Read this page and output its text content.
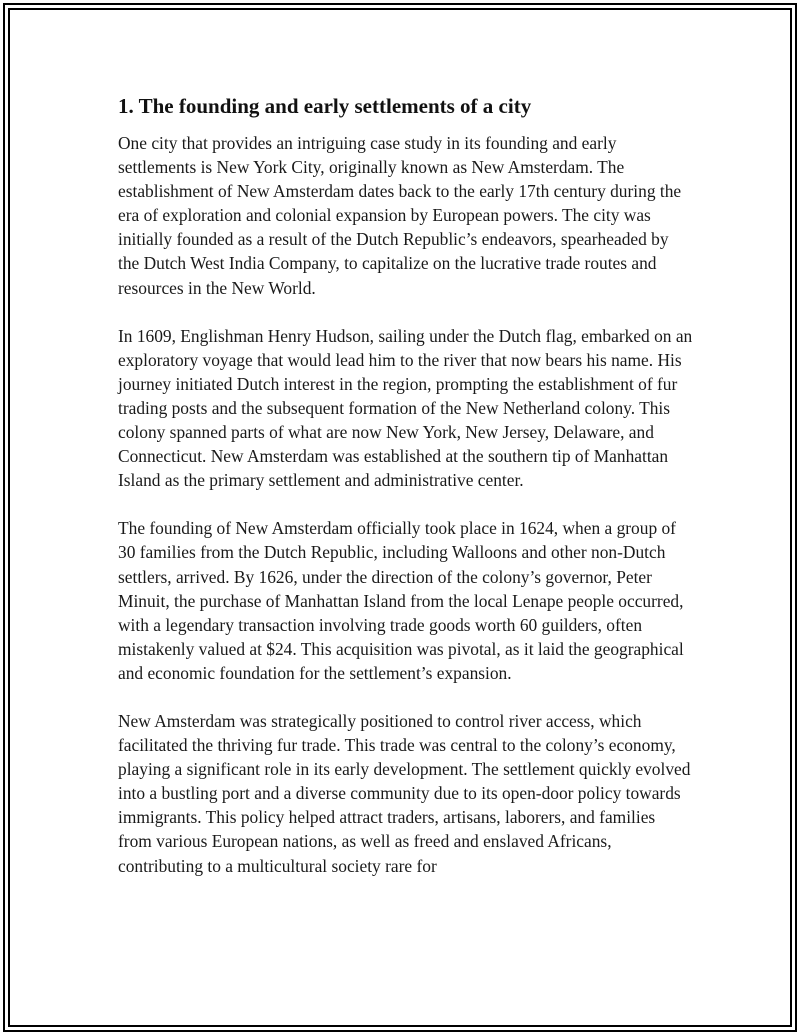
1. The founding and early settlements of a city

One city that provides an intriguing case study in its founding and early settlements is New York City, originally known as New Amsterdam. The establishment of New Amsterdam dates back to the early 17th century during the era of exploration and colonial expansion by European powers. The city was initially founded as a result of the Dutch Republic’s endeavors, spearheaded by the Dutch West India Company, to capitalize on the lucrative trade routes and resources in the New World.

In 1609, Englishman Henry Hudson, sailing under the Dutch flag, embarked on an exploratory voyage that would lead him to the river that now bears his name. His journey initiated Dutch interest in the region, prompting the establishment of fur trading posts and the subsequent formation of the New Netherland colony. This colony spanned parts of what are now New York, New Jersey, Delaware, and Connecticut. New Amsterdam was established at the southern tip of Manhattan Island as the primary settlement and administrative center.

The founding of New Amsterdam officially took place in 1624, when a group of 30 families from the Dutch Republic, including Walloons and other non-Dutch settlers, arrived. By 1626, under the direction of the colony’s governor, Peter Minuit, the purchase of Manhattan Island from the local Lenape people occurred, with a legendary transaction involving trade goods worth 60 guilders, often mistakenly valued at $24. This acquisition was pivotal, as it laid the geographical and economic foundation for the settlement’s expansion.

New Amsterdam was strategically positioned to control river access, which facilitated the thriving fur trade. This trade was central to the colony’s economy, playing a significant role in its early development. The settlement quickly evolved into a bustling port and a diverse community due to its open-door policy towards immigrants. This policy helped attract traders, artisans, laborers, and families from various European nations, as well as freed and enslaved Africans, contributing to a multicultural society rare for
